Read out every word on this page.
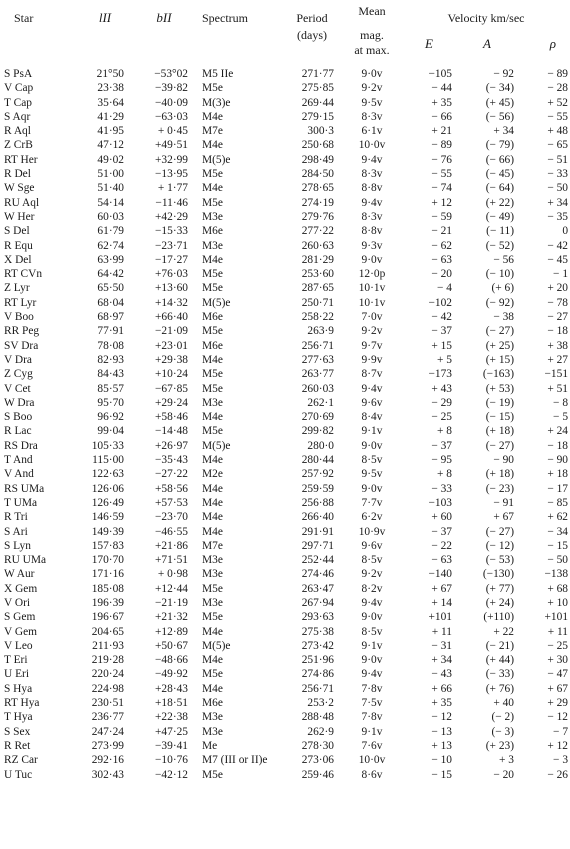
Star	lII	bII	Spectrum	Period	Mean	Velocity km/sec		
				(days)	mag.	E	A	ρ
					at max.			

S PsA	21°50	−53°02	M5 IIe	271·77	9·0v	−105	− 92	− 89
V Cap	23·38	−39·82	M5e	275·85	9·2v	− 44	(− 34)	− 28
T Cap	35·64	−40·09	M(3)e	269·44	9·5v	+ 35	(+ 45)	+ 52
S Aqr	41·29	−63·03	M4e	279·15	8·3v	− 66	(− 56)	− 55
R Aql	41·95	+ 0·45	M7e	300·3	6·1v	+ 21	+ 34	+ 48
Z CrB	47·12	+49·51	M4e	250·68	10·0v	− 89	(− 79)	− 65
RT Her	49·02	+32·99	M(5)e	298·49	9·4v	− 76	(− 66)	− 51
R Del	51·00	−13·95	M5e	284·50	8·3v	− 55	(− 45)	− 33
W Sge	51·40	+ 1·77	M4e	278·65	8·8v	− 74	(− 64)	− 50
RU Aql	54·14	−11·46	M5e	274·19	9·4v	+ 12	(+ 22)	+ 34
W Her	60·03	+42·29	M3e	279·76	8·3v	− 59	(− 49)	− 35
S Del	61·79	−15·33	M6e	277·22	8·8v	− 21	(− 11)	0
R Equ	62·74	−23·71	M3e	260·63	9·3v	− 62	(− 52)	− 42
X Del	63·99	−17·27	M4e	281·29	9·0v	− 63	− 56	− 45
RT CVn	64·42	+76·03	M5e	253·60	12·0p	− 20	(− 10)	− 1
Z Lyr	65·50	+13·60	M5e	287·65	10·1v	− 4	(+ 6)	+ 20
RT Lyr	68·04	+14·32	M(5)e	250·71	10·1v	−102	(− 92)	− 78
V Boo	68·97	+66·40	M6e	258·22	7·0v	− 42	− 38	− 27
RR Peg	77·91	−21·09	M5e	263·9	9·2v	− 37	(− 27)	− 18
SV Dra	78·08	+23·01	M6e	256·71	9·7v	+ 15	(+ 25)	+ 38
V Dra	82·93	+29·38	M4e	277·63	9·9v	+ 5	(+ 15)	+ 27
Z Cyg	84·43	+10·24	M5e	263·77	8·7v	−173	(−163)	−151
V Cet	85·57	−67·85	M5e	260·03	9·4v	+ 43	(+ 53)	+ 51
W Dra	95·70	+29·24	M3e	262·1	9·6v	− 29	(− 19)	− 8
S Boo	96·92	+58·46	M4e	270·69	8·4v	− 25	(− 15)	− 5
R Lac	99·04	−14·48	M5e	299·82	9·1v	+ 8	(+ 18)	+ 24
RS Dra	105·33	+26·97	M(5)e	280·0	9·0v	− 37	(− 27)	− 18
T And	115·00	−35·43	M4e	280·44	8·5v	− 95	− 90	− 90
V And	122·63	−27·22	M2e	257·92	9·5v	+ 8	(+ 18)	+ 18
RS UMa	126·06	+58·56	M4e	259·59	9·0v	− 33	(− 23)	− 17
T UMa	126·49	+57·53	M4e	256·88	7·7v	−103	− 91	− 85
R Tri	146·59	−23·70	M4e	266·40	6·2v	+ 60	+ 67	+ 62
S Ari	149·39	−46·55	M4e	291·91	10·9v	− 37	(− 27)	− 34
S Lyn	157·83	+21·86	M7e	297·71	9·6v	− 22	(− 12)	− 15
RU UMa	170·70	+71·51	M3e	252·44	8·5v	− 63	(− 53)	− 50
W Aur	171·16	+ 0·98	M3e	274·46	9·2v	−140	(−130)	−138
X Gem	185·08	+12·44	M5e	263·47	8·2v	+ 67	(+ 77)	+ 68
V Ori	196·39	−21·19	M3e	267·94	9·4v	+ 14	(+ 24)	+ 10
S Gem	196·67	+21·32	M5e	293·63	9·0v	+101	(+110)	+101
V Gem	204·65	+12·89	M4e	275·38	8·5v	+ 11	+ 22	+ 11
V Leo	211·93	+50·67	M(5)e	273·42	9·1v	− 31	(− 21)	− 25
T Eri	219·28	−48·66	M4e	251·96	9·0v	+ 34	(+ 44)	+ 30
U Eri	220·24	−49·92	M5e	274·86	9·4v	− 43	(− 33)	− 47
S Hya	224·98	+28·43	M4e	256·71	7·8v	+ 66	(+ 76)	+ 67
RT Hya	230·51	+18·51	M6e	253·2	7·5v	+ 35	+ 40	+ 29
T Hya	236·77	+22·38	M3e	288·48	7·8v	− 12	(− 2)	− 12
S Sex	247·24	+47·25	M3e	262·9	9·1v	− 13	(− 3)	− 7
R Ret	273·99	−39·41	Me	278·30	7·6v	+ 13	(+ 23)	+ 12
RZ Car	292·16	−10·76	M7 (III or II)e	273·06	10·0v	− 10	+ 3	− 3
U Tuc	302·43	−42·12	M5e	259·46	8·6v	− 15	− 20	− 26
